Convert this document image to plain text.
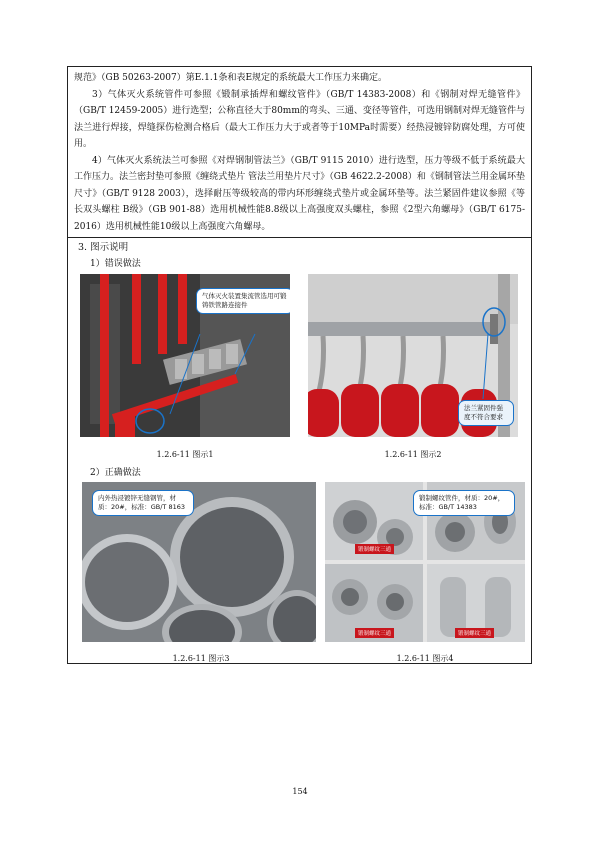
规范》（GB 50263-2007）第E.1.1条和表E规定的系统最大工作压力来确定。

3）气体灭火系统管件可参照《锻制承插焊和螺纹管件》（GB/T 14383-2008）和《钢制对焊无缝管件》（GB/T 12459-2005）进行选型；公称直径大于80mm的弯头、三通、变径等管件，可选用钢制对焊无缝管件与法兰进行焊接，焊缝探伤检测合格后（最大工作压力大于或者等于10MPa时需要）经热浸镀锌防腐处理，方可使用。

4）气体灭火系统法兰可参照《对焊钢制管法兰》（GB/T 9115 2010）进行选型，压力等级不低于系统最大工作压力。法兰密封垫可参照《缠绕式垫片 管法兰用垫片尺寸》（GB 4622.2-2008）和《钢制管法兰用金属环垫 尺寸》（GB/T 9128 2003），选择耐压等级较高的带内环形缠绕式垫片或金属环垫等。法兰紧固件建议参照《等长双头螺柱 B级》（GB 901-88）选用机械性能8.8级以上高强度双头螺柱，参照《2型六角螺母》（GB/T 6175-2016）选用机械性能10级以上高强度六角螺母。

3. 图示说明
1）错误做法
气体灭火装置集流管选用可锻铸铁管路连接件
1.2.6-11 图示1
法兰紧固件强度不符合要求
1.2.6-11 图示2
2）正确做法
内外热浸镀锌无缝钢管，材质：20#，标准：GB/T 8163
1.2.6-11 图示3
锻制螺纹管件，材质：20#，标准：GB/T 14383
锻制螺纹三通
锻制螺纹三通	锻制螺纹三通
1.2.6-11 图示4
154
